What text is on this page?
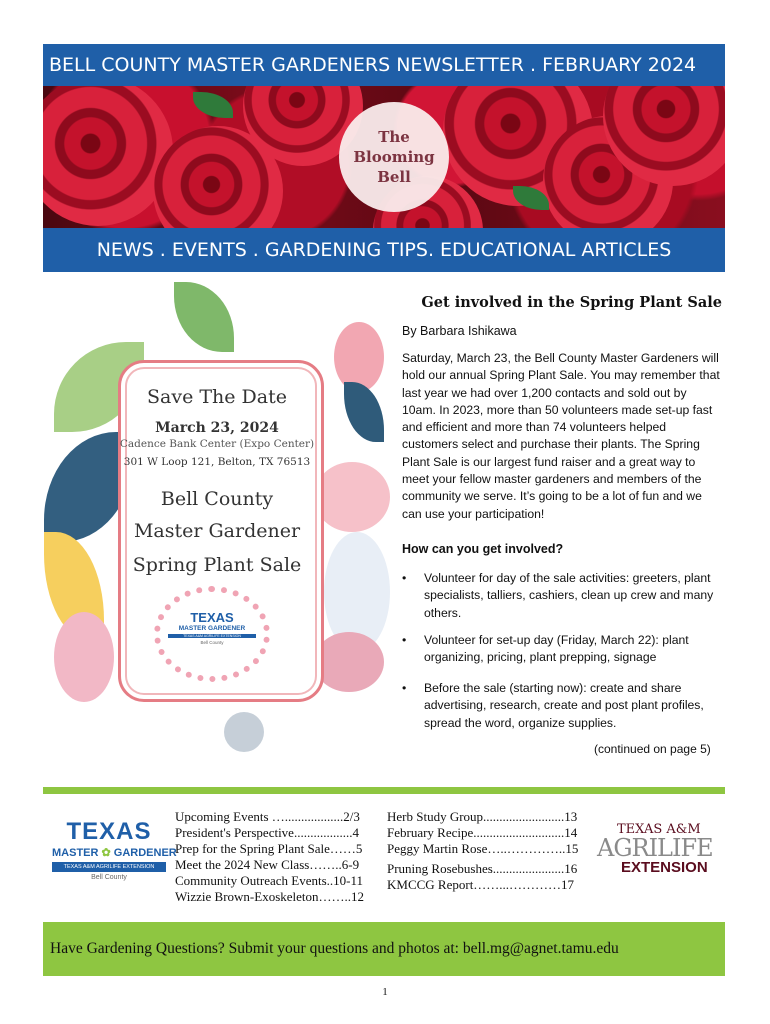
BELL COUNTY MASTER GARDENERS NEWSLETTER . FEBRUARY 2024
The
Blooming
Bell
NEWS . EVENTS . GARDENING TIPS. EDUCATIONAL ARTICLES
Save The Date
March 23, 2024
Cadence Bank Center (Expo Center)
301 W Loop 121, Belton, TX 76513
Bell County
Master Gardener
Spring Plant Sale
TEXAS
MASTER GARDENER
TEXAS A&M AGRILIFE EXTENSION
Bell County
Get involved in the Spring Plant Sale
By Barbara Ishikawa
Saturday, March 23, the Bell County Master Gardeners will hold our annual Spring Plant Sale. You may remember that last year we had over 1,200 contacts and sold out by 10am. In 2023, more than 50 volunteers made set-up fast and efficient and more than 74 volunteers helped customers select and purchase their plants. The Spring Plant Sale is our largest fund raiser and a great way to meet your fellow master gardeners and members of the community we serve. It’s going to be a lot of fun and we can use your participation!
How can you get involved?
• Volunteer for day of the sale activities: greeters, plant specialists, talliers, cashiers, clean up crew and many others.
• Volunteer for set-up day (Friday, March 22): plant organizing, pricing, plant prepping, signage
• Before the sale (starting now): create and share advertising, research, create and post plant profiles, spread the word, organize supplies.
(continued on page 5)
TEXAS
MASTER ✿ GARDENER
TEXAS A&M AGRILIFE EXTENSION
Bell County
Upcoming Events …..................2/3
President's Perspective..................4
Prep for the Spring Plant Sale……5
Meet the 2024 New Class……..6-9
Community Outreach Events..10-11
Wizzie Brown-Exoskeleton……..12
Herb Study Group.........................13
February Recipe............................14
Peggy Martin Rose…..…………..15
Pruning Rosebushes......................16
KMCCG Report……...…………17
TEXAS A&M
AGRILIFE
EXTENSION
Have Gardening Questions? Submit your questions and photos at: bell.mg@agnet.tamu.edu
1
